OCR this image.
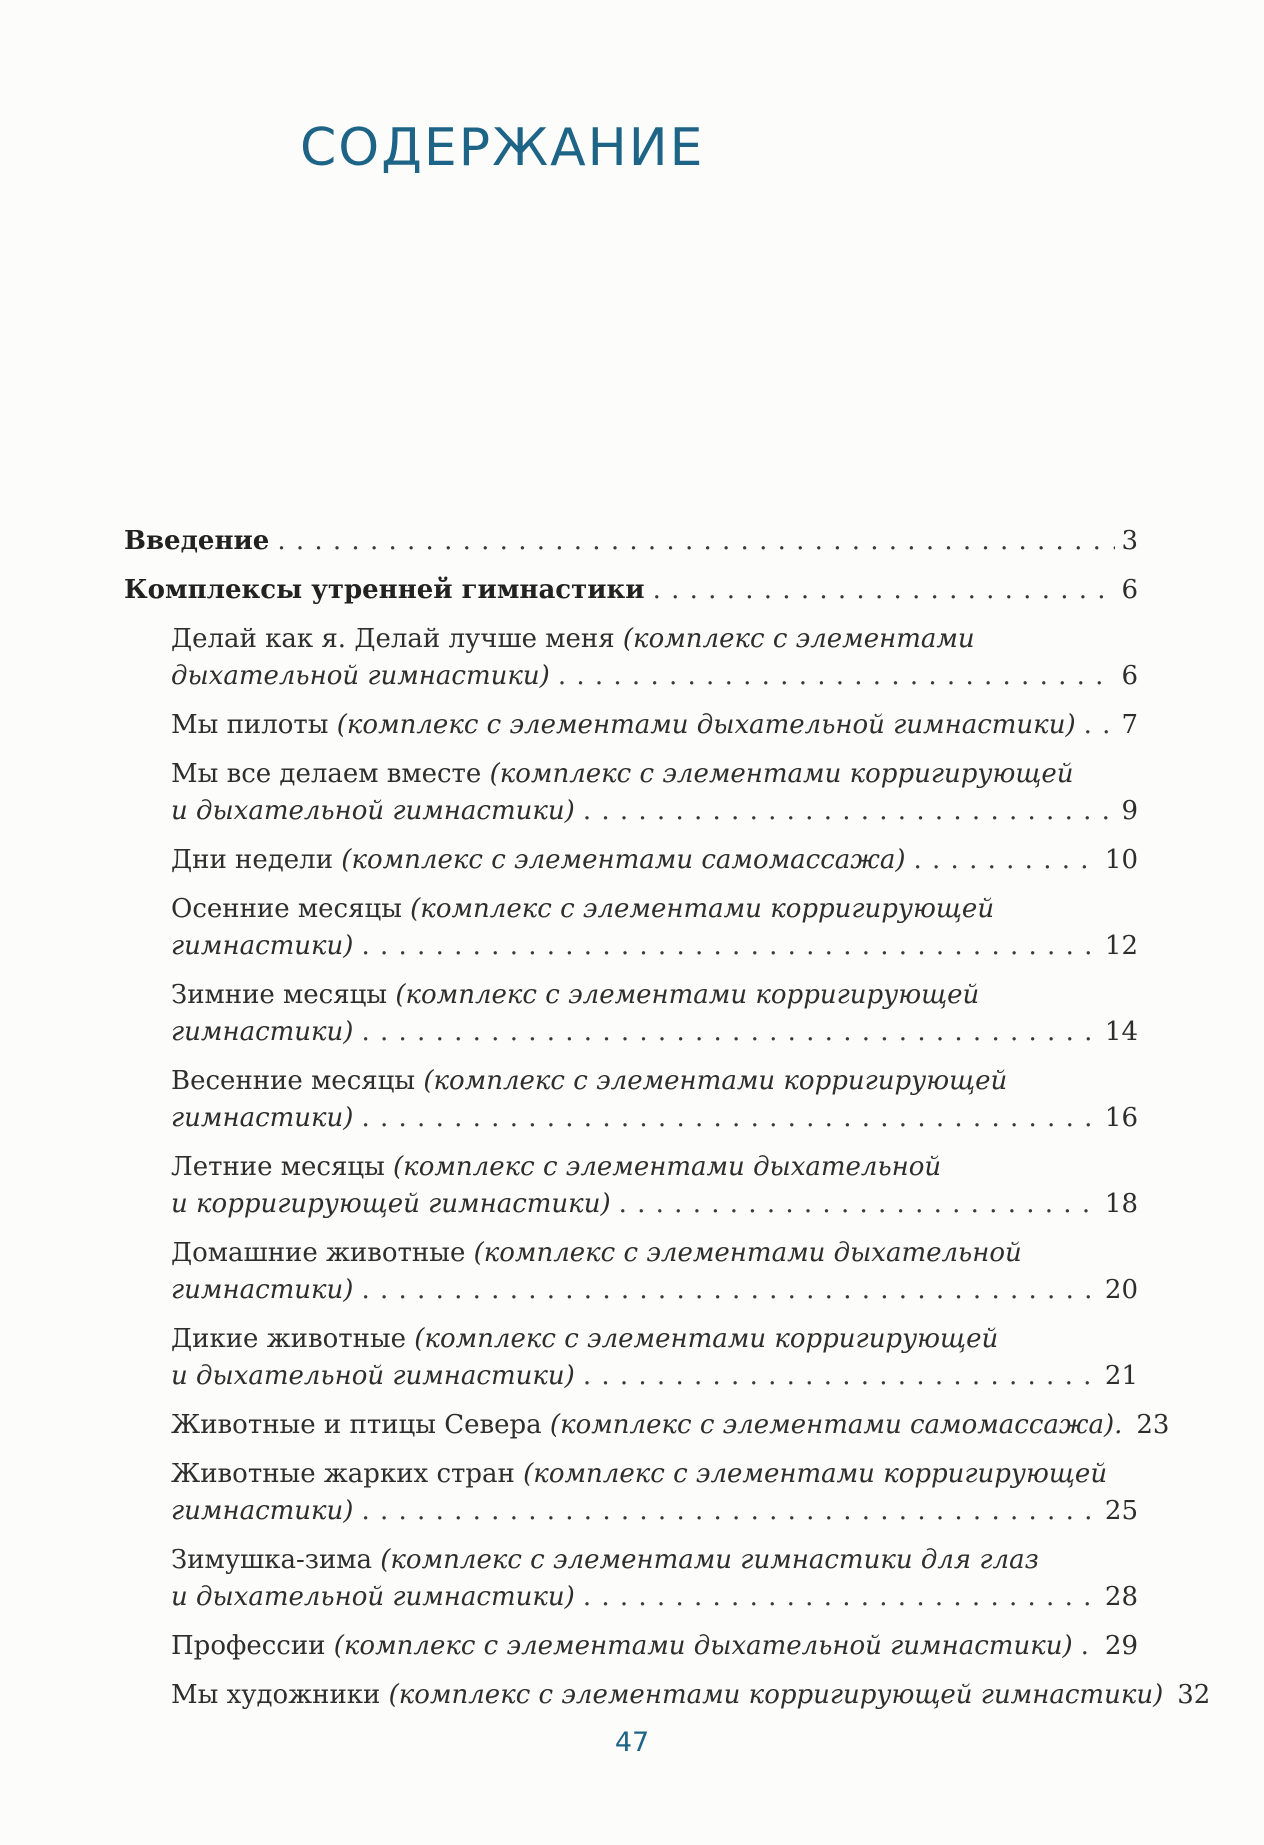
СОДЕРЖАНИЕ
Введение . . .	3
Комплексы утренней гимнастики . . .	6
Делай как я. Делай лучше меня (комплекс с элементами
дыхательной гимнастики) . . .	6
Мы пилоты (комплекс с элементами дыхательной гимнастики) . . . 7
Мы все делаем вместе (комплекс с элементами корригирующей
и дыхательной гимнастики) . . .	9
Дни недели (комплекс с элементами самомассажа) . . .	10
Осенние месяцы (комплекс с элементами корригирующей
гимнастики) . . .	12
Зимние месяцы (комплекс с элементами корригирующей
гимнастики) . . .	14
Весенние месяцы (комплекс с элементами корригирующей
гимнастики) . . .	16
Летние месяцы (комплекс с элементами дыхательной
и корригирующей гимнастики) . . .	18
Домашние животные (комплекс с элементами дыхательной
гимнастики) . . .	20
Дикие животные (комплекс с элементами корригирующей
и дыхательной гимнастики) . . .	21
Животные и птицы Севера (комплекс с элементами самомассажа). 23
Животные жарких стран (комплекс с элементами корригирующей
гимнастики) . . .	25
Зимушка-зима (комплекс с элементами гимнастики для глаз
и дыхательной гимнастики) . . .	28
Профессии (комплекс с элементами дыхательной гимнастики) . . . 29
Мы художники (комплекс с элементами корригирующей гимнастики) 32
47
